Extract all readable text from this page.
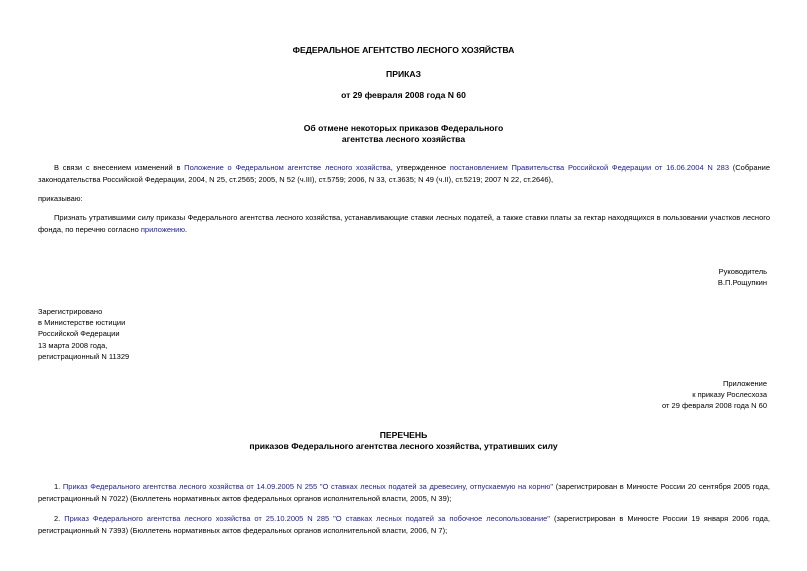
ФЕДЕРАЛЬНОЕ АГЕНТСТВО ЛЕСНОГО ХОЗЯЙСТВА
ПРИКАЗ
от 29 февраля 2008 года N 60
Об отмене некоторых приказов Федерального
агентства лесного хозяйства
В связи с внесением изменений в Положение о Федеральном агентстве лесного хозяйства, утвержденное постановлением Правительства Российской Федерации от 16.06.2004 N 283 (Собрание законодательства Российской Федерации, 2004, N 25, ст.2565; 2005, N 52 (ч.III), ст.5759; 2006, N 33, ст.3635; N 49 (ч.II), ст.5219; 2007 N 22, ст.2646),
приказываю:
Признать утратившими силу приказы Федерального агентства лесного хозяйства, устанавливающие ставки лесных податей, а также ставки платы за гектар находящихся в пользовании участков лесного фонда, по перечню согласно приложению.
Руководитель
В.П.Рощупкин
Зарегистрировано
в Министерстве юстиции
Российской Федерации
13 марта 2008 года,
регистрационный N 11329
Приложение
к приказу Рослесхоза
от 29 февраля 2008 года N 60
ПЕРЕЧЕНЬ
приказов Федерального агентства лесного хозяйства, утративших силу
1. Приказ Федерального агентства лесного хозяйства от 14.09.2005 N 255 "О ставках лесных податей за древесину, отпускаемую на корню" (зарегистрирован в Минюсте России 20 сентября 2005 года, регистрационный N 7022) (Бюллетень нормативных актов федеральных органов исполнительной власти, 2005, N 39);
2. Приказ Федерального агентства лесного хозяйства от 25.10.2005 N 285 "О ставках лесных податей за побочное лесопользование" (зарегистрирован в Минюсте России 19 января 2006 года, регистрационный N 7393) (Бюллетень нормативных актов федеральных органов исполнительной власти, 2006, N 7);
